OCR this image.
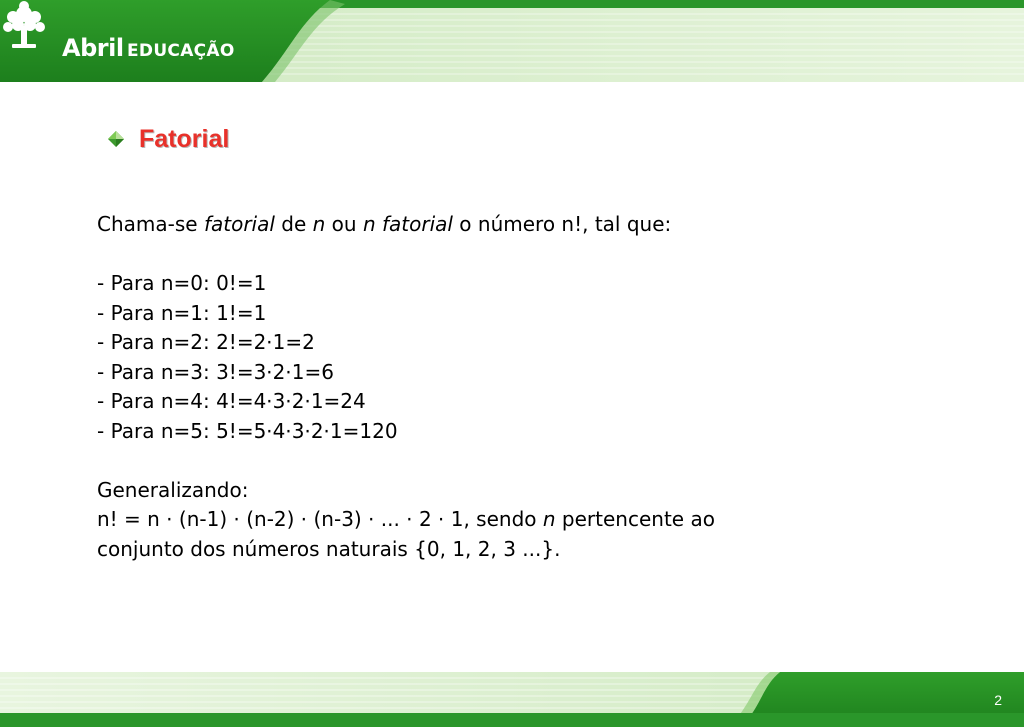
Abril EDUCAÇÃO
Fatorial

Chama-se fatorial de n ou n fatorial o número n!, tal que:

- Para n=0: 0!=1

- Para n=1: 1!=1

- Para n=2: 2!=2⋅1=2

- Para n=3: 3!=3⋅2⋅1=6

- Para n=4: 4!=4⋅3⋅2⋅1=24

- Para n=5: 5!=5⋅4⋅3⋅2⋅1=120

Generalizando:

n! = n ⋅ (n-1) ⋅ (n-2) ⋅ (n-3) ⋅ ... ⋅ 2 ⋅ 1, sendo n pertencente ao

conjunto dos números naturais {0, 1, 2, 3 ...}.

2
